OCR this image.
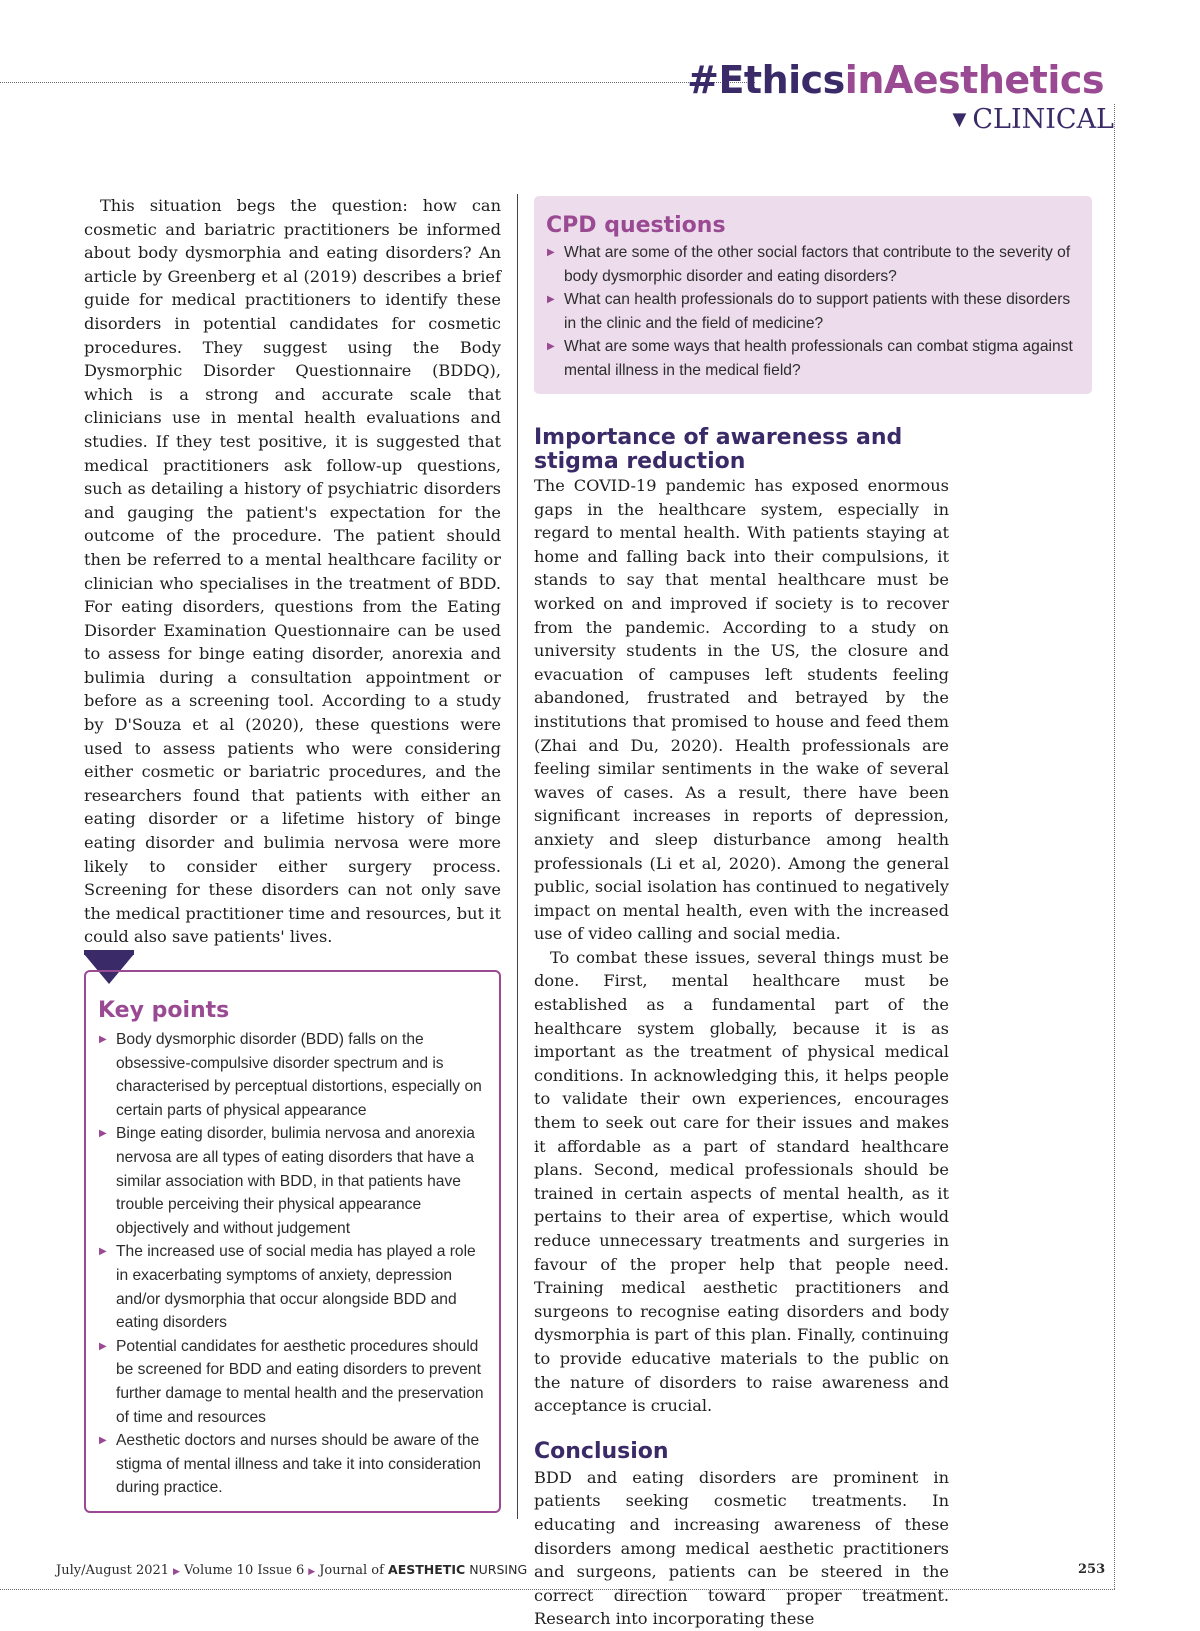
#EthicsinAesthetics
▼ CLINICAL

This situation begs the question: how can cosmetic and bariatric practitioners be informed about body dysmorphia and eating disorders? An article by Greenberg et al (2019) describes a brief guide for medical practitioners to identify these disorders in potential candidates for cosmetic procedures. They suggest using the Body Dysmorphic Disorder Questionnaire (BDDQ), which is a strong and accurate scale that clinicians use in mental health evaluations and studies. If they test positive, it is suggested that medical practitioners ask follow-up questions, such as detailing a history of psychiatric disorders and gauging the patient's expectation for the outcome of the procedure. The patient should then be referred to a mental healthcare facility or clinician who specialises in the treatment of BDD. For eating disorders, questions from the Eating Disorder Examination Questionnaire can be used to assess for binge eating disorder, anorexia and bulimia during a consultation appointment or before as a screening tool. According to a study by D'Souza et al (2020), these questions were used to assess patients who were considering either cosmetic or bariatric procedures, and the researchers found that patients with either an eating disorder or a lifetime history of binge eating disorder and bulimia nervosa were more likely to consider either surgery process. Screening for these disorders can not only save the medical practitioner time and resources, but it could also save patients' lives.

CPD questions
▶ What are some of the other social factors that contribute to the severity of body dysmorphic disorder and eating disorders?
▶ What can health professionals do to support patients with these disorders in the clinic and the field of medicine?
▶ What are some ways that health professionals can combat stigma against mental illness in the medical field?
Importance of awareness and stigma reduction

The COVID-19 pandemic has exposed enormous gaps in the healthcare system, especially in regard to mental health. With patients staying at home and falling back into their compulsions, it stands to say that mental healthcare must be worked on and improved if society is to recover from the pandemic. According to a study on university students in the US, the closure and evacuation of campuses left students feeling abandoned, frustrated and betrayed by the institutions that promised to house and feed them (Zhai and Du, 2020). Health professionals are feeling similar sentiments in the wake of several waves of cases. As a result, there have been significant increases in reports of depression, anxiety and sleep disturbance among health professionals (Li et al, 2020). Among the general public, social isolation has continued to negatively impact on mental health, even with the increased use of video calling and social media.

To combat these issues, several things must be done. First, mental healthcare must be established as a fundamental part of the healthcare system globally, because it is as important as the treatment of physical medical conditions. In acknowledging this, it helps people to validate their own experiences, encourages them to seek out care for their issues and makes it affordable as a part of standard healthcare plans. Second, medical professionals should be trained in certain aspects of mental health, as it pertains to their area of expertise, which would reduce unnecessary treatments and surgeries in favour of the proper help that people need. Training medical aesthetic practitioners and surgeons to recognise eating disorders and body dysmorphia is part of this plan. Finally, continuing to provide educative materials to the public on the nature of disorders to raise awareness and acceptance is crucial.

Conclusion

BDD and eating disorders are prominent in patients seeking cosmetic treatments. In educating and increasing awareness of these disorders among medical aesthetic practitioners and surgeons, patients can be steered in the correct direction toward proper treatment. Research into incorporating these

Key points
▶ Body dysmorphic disorder (BDD) falls on the obsessive-compulsive disorder spectrum and is characterised by perceptual distortions, especially on certain parts of physical appearance
▶ Binge eating disorder, bulimia nervosa and anorexia nervosa are all types of eating disorders that have a similar association with BDD, in that patients have trouble perceiving their physical appearance objectively and without judgement
▶ The increased use of social media has played a role in exacerbating symptoms of anxiety, depression and/or dysmorphia that occur alongside BDD and eating disorders
▶ Potential candidates for aesthetic procedures should be screened for BDD and eating disorders to prevent further damage to mental health and the preservation of time and resources
▶ Aesthetic doctors and nurses should be aware of the stigma of mental illness and take it into consideration during practice.
July/August 2021 ▶ Volume 10 Issue 6 ▶ Journal of AESTHETIC NURSING	253
